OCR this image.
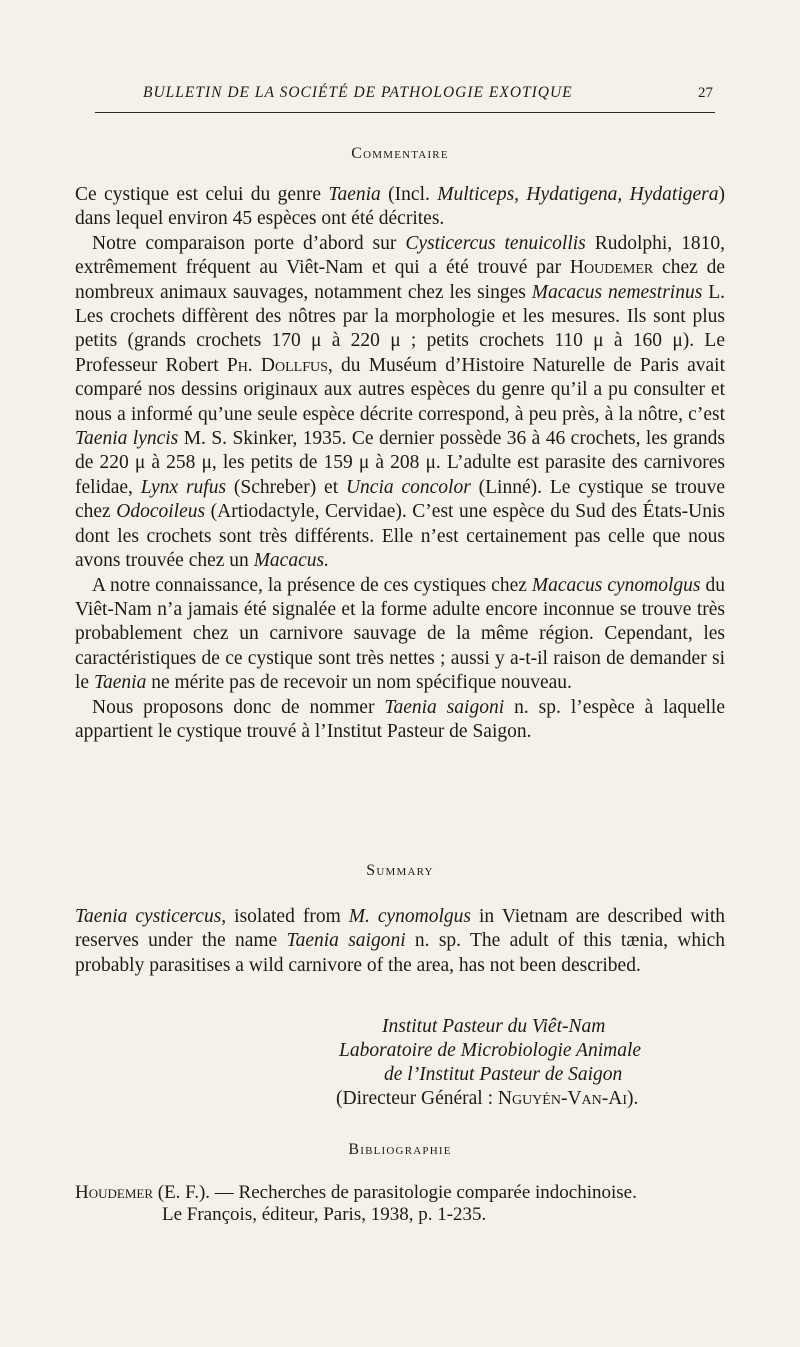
BULLETIN DE LA SOCIÉTÉ DE PATHOLOGIE EXOTIQUE	27
Commentaire

Ce cystique est celui du genre Taenia (Incl. Multiceps, Hydatigena, Hydatigera) dans lequel environ 45 espèces ont été décrites.

Notre comparaison porte d’abord sur Cysticercus tenuicollis Rudolphi, 1810, extrêmement fréquent au Viêt-Nam et qui a été trouvé par Houdemer chez de nombreux animaux sauvages, notamment chez les singes Macacus nemestrinus L. Les crochets diffèrent des nôtres par la morphologie et les mesures. Ils sont plus petits (grands crochets 170 μ à 220 μ ; petits crochets 110 μ à 160 μ). Le Professeur Robert Ph. Dollfus, du Muséum d’Histoire Naturelle de Paris avait comparé nos dessins originaux aux autres espèces du genre qu’il a pu consulter et nous a informé qu’une seule espèce décrite correspond, à peu près, à la nôtre, c’est Taenia lyncis M. S. Skinker, 1935. Ce dernier possède 36 à 46 crochets, les grands de 220 μ à 258 μ, les petits de 159 μ à 208 μ. L’adulte est parasite des carnivores felidae, Lynx rufus (Schreber) et Uncia concolor (Linné). Le cystique se trouve chez Odocoileus (Artiodactyle, Cervidae). C’est une espèce du Sud des États-Unis dont les crochets sont très différents. Elle n’est certainement pas celle que nous avons trouvée chez un Macacus.

A notre connaissance, la présence de ces cystiques chez Macacus cynomolgus du Viêt-Nam n’a jamais été signalée et la forme adulte encore inconnue se trouve très probablement chez un carnivore sauvage de la même région. Cependant, les caractéristiques de ce cystique sont très nettes ; aussi y a-t-il raison de demander si le Taenia ne mérite pas de recevoir un nom spécifique nouveau.

Nous proposons donc de nommer Taenia saigoni n. sp. l’espèce à laquelle appartient le cystique trouvé à l’Institut Pasteur de Saigon.

Summary

Taenia cysticercus, isolated from M. cynomolgus in Vietnam are described with reserves under the name Taenia saigoni n. sp. The adult of this tænia, which probably parasitises a wild carnivore of the area, has not been described.

Institut Pasteur du Viêt-Nam
Laboratoire de Microbiologie Animale
de l’Institut Pasteur de Saigon
(Directeur Général : Nguyén-Van-Ai).
Bibliographie
Houdemer (E. F.). — Recherches de parasitologie comparée indochinoise.
Le François, éditeur, Paris, 1938, p. 1-235.
